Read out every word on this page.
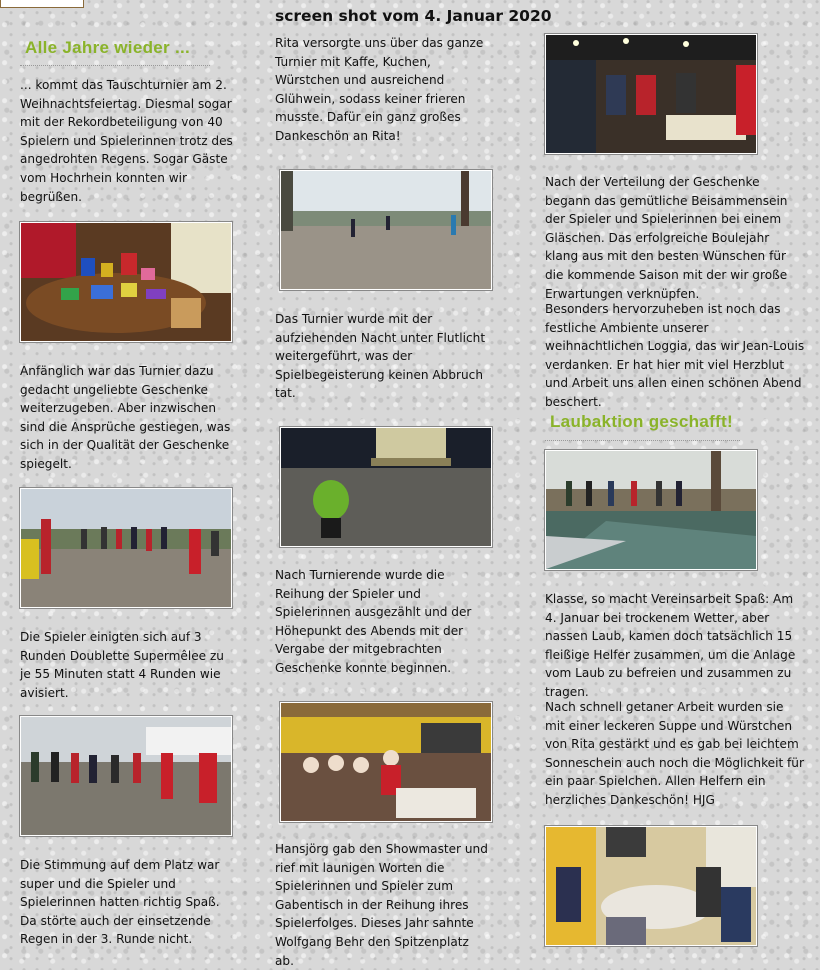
screen shot vom 4. Januar 2020
Alle Jahre wieder ...

... kommt das Tauschturnier am 2. Weihnachtsfeiertag. Diesmal sogar mit der Rekordbeteiligung von 40 Spielern und Spielerinnen trotz des angedrohten Regens. Sogar Gäste vom Hochrhein konnten wir begrüßen.

Anfänglich war das Turnier dazu gedacht ungeliebte Geschenke weiterzugeben. Aber inzwischen sind die Ansprüche gestiegen, was sich in der Qualität der Geschenke spiegelt.

Die Spieler einigten sich auf 3 Runden Doublette Supermêlee zu je 55 Minuten statt 4 Runden wie avisiert.

Die Stimmung auf dem Platz war super und die Spieler und Spielerinnen hatten richtig Spaß. Da störte auch der einsetzende Regen in der 3. Runde nicht.

Rita versorgte uns über das ganze Turnier mit Kaffe, Kuchen, Würstchen und ausreichend Glühwein, sodass keiner frieren musste. Dafür ein ganz großes Dankeschön an Rita!

Das Turnier wurde mit der aufziehenden Nacht unter Flutlicht weitergeführt, was der Spielbegeisterung keinen Abbruch tat.

Nach Turnierende wurde die Reihung der Spieler und Spielerinnen ausgezählt und der Höhepunkt des Abends mit der Vergabe der mitgebrachten Geschenke konnte beginnen.

Hansjörg gab den Showmaster und rief mit launigen Worten die Spielerinnen und Spieler zum Gabentisch in der Reihung ihres Spielerfolges. Dieses Jahr sahnte Wolfgang Behr den Spitzenplatz ab.

Nach der Verteilung der Geschenke begann das gemütliche Beisammensein der Spieler und Spielerinnen bei einem Gläschen. Das erfolgreiche Boulejahr klang aus mit den besten Wünschen für die kommende Saison mit der wir große Erwartungen verknüpfen.

Besonders hervorzuheben ist noch das festliche Ambiente unserer weihnachtlichen Loggia, das wir Jean-Louis verdanken. Er hat hier mit viel Herzblut und Arbeit uns allen einen schönen Abend beschert.

Laubaktion geschafft!

Klasse, so macht Vereinsarbeit Spaß: Am 4. Januar bei trockenem Wetter, aber nassen Laub, kamen doch tatsächlich 15 fleißige Helfer zusammen, um die Anlage vom Laub zu befreien und zusammen zu tragen.

Nach schnell getaner Arbeit wurden sie mit einer leckeren Suppe und Würstchen von Rita gestärkt und es gab bei leichtem Sonneschein auch noch die Möglichkeit für ein paar Spielchen. Allen Helfern ein herzliches Dankeschön! HJG
